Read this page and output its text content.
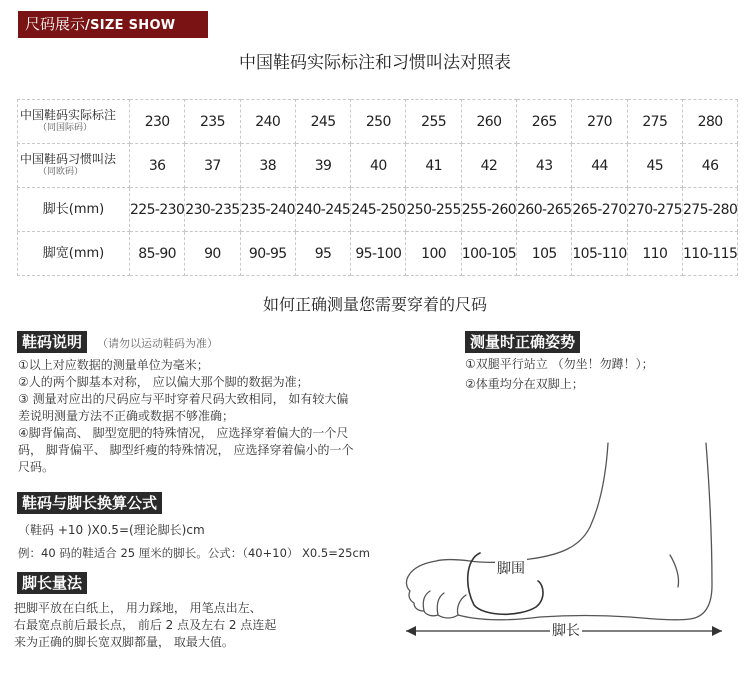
尺码展示/SIZE SHOW
中国鞋码实际标注和习惯叫法对照表
中国鞋码实际标注
（同国际码）	230	235	240	245	250	255	260	265	270	275	280
中国鞋码习惯叫法
（同欧码）	36	37	38	39	40	41	42	43	44	45	46
脚长(mm)	225-230	230-235	235-240	240-245	245-250	250-255	255-260	260-265	265-270	270-275	275-280
脚宽(mm)	85-90	90	90-95	95	95-100	100	100-105	105	105-110	110	110-115
如何正确测量您需要穿着的尺码
鞋码说明	（请勿以运动鞋码为准）
①以上对应数据的测量单位为毫米；
②人的两个脚基本对称， 应以偏大那个脚的数据为准；
③ 测量对应出的尺码应与平时穿着尺码大致相同， 如有较大偏
差说明测量方法不正确或数据不够准确；
④脚背偏高、 脚型宽肥的特殊情况， 应选择穿着偏大的一个尺
码， 脚背偏平、 脚型纤瘦的特殊情况， 应选择穿着偏小的一个
尺码。
鞋码与脚长换算公式
（鞋码 +10 )X0.5=(理论脚长)cm
例：40 码的鞋适合 25 厘米的脚长。公式：（40+10） X0.5=25cm
脚长量法
把脚平放在白纸上， 用力踩地， 用笔点出左、
右最宽点前后最长点， 前后 2 点及左右 2 点连起
来为正确的脚长宽双脚都量， 取最大值。
测量时正确姿势
①双腿平行站立 （勿坐！勿蹲！）；
②体重均分在双脚上；
脚围
脚长
